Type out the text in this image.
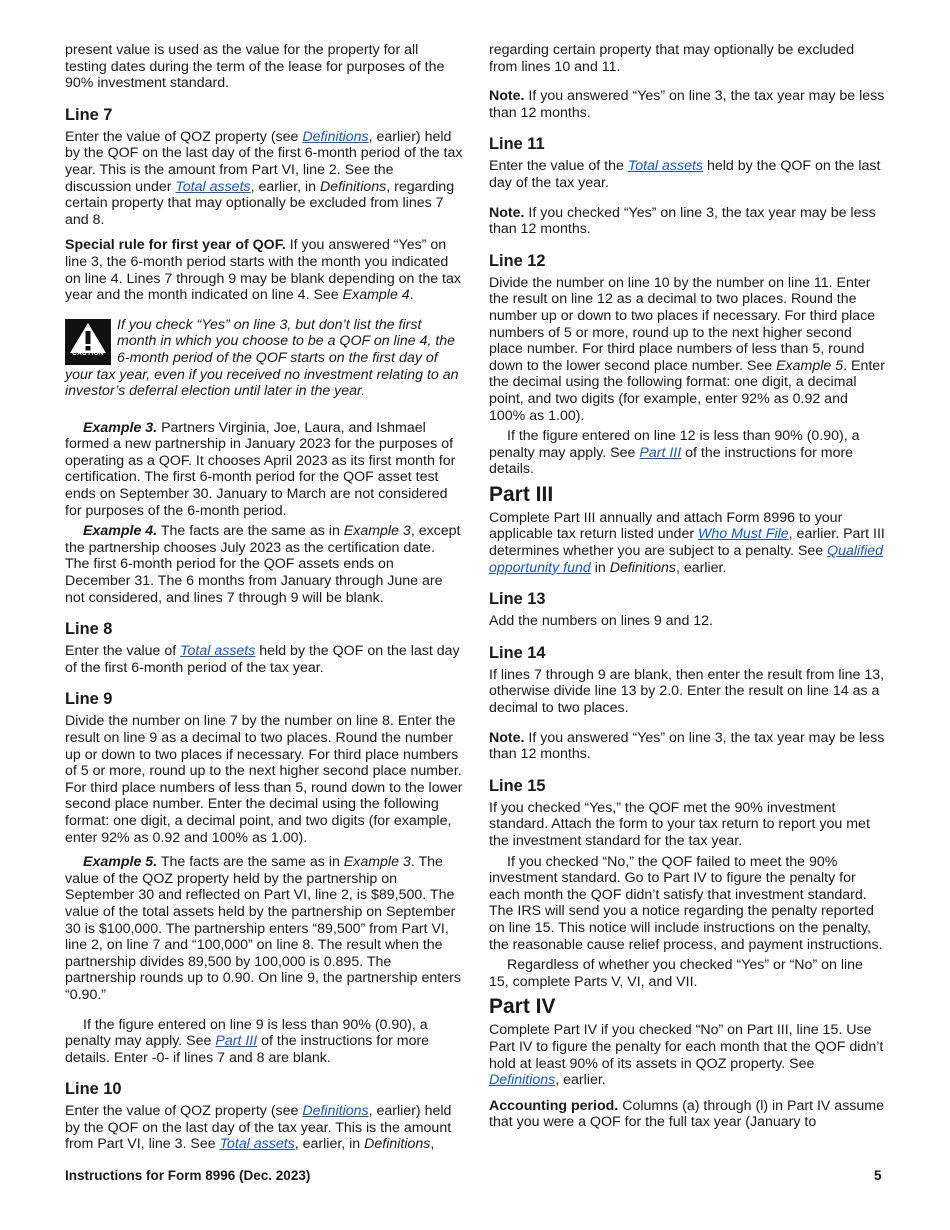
present value is used as the value for the property for all testing dates during the term of the lease for purposes of the 90% investment standard.

Line 7

Enter the value of QOZ property (see Definitions, earlier) held by the QOF on the last day of the first 6-month period of the tax year. This is the amount from Part VI, line 2. See the discussion under Total assets, earlier, in Definitions, regarding certain property that may optionally be excluded from lines 7 and 8.

Special rule for first year of QOF. If you answered “Yes” on line 3, the 6-month period starts with the month you indicated on line 4. Lines 7 through 9 may be blank depending on the tax year and the month indicated on line 4. See Example 4.

CAUTION
If you check “Yes” on line 3, but don’t list the first month in which you choose to be a QOF on line 4, the 6-month period of the QOF starts on the first day of your tax year, even if you received no investment relating to an investor’s deferral election until later in the year.

Example 3. Partners Virginia, Joe, Laura, and Ishmael formed a new partnership in January 2023 for the purposes of operating as a QOF. It chooses April 2023 as its first month for certification. The first 6-month period for the QOF asset test ends on September 30. January to March are not considered for purposes of the 6-month period.

Example 4. The facts are the same as in Example 3, except the partnership chooses July 2023 as the certification date. The first 6-month period for the QOF assets ends on December 31. The 6 months from January through June are not considered, and lines 7 through 9 will be blank.

Line 8

Enter the value of Total assets held by the QOF on the last day of the first 6-month period of the tax year.

Line 9

Divide the number on line 7 by the number on line 8. Enter the result on line 9 as a decimal to two places. Round the number up or down to two places if necessary. For third place numbers of 5 or more, round up to the next higher second place number. For third place numbers of less than 5, round down to the lower second place number. Enter the decimal using the following format: one digit, a decimal point, and two digits (for example, enter 92% as 0.92 and 100% as 1.00).

Example 5. The facts are the same as in Example 3. The value of the QOZ property held by the partnership on September 30 and reflected on Part VI, line 2, is $89,500. The value of the total assets held by the partnership on September 30 is $100,000. The partnership enters “89,500” from Part VI, line 2, on line 7 and “100,000” on line 8. The result when the partnership divides 89,500 by 100,000 is 0.895. The partnership rounds up to 0.90. On line 9, the partnership enters “0.90.”

If the figure entered on line 9 is less than 90% (0.90), a penalty may apply. See Part III of the instructions for more details. Enter -0- if lines 7 and 8 are blank.

Line 10

Enter the value of QOZ property (see Definitions, earlier) held by the QOF on the last day of the tax year. This is the amount from Part VI, line 3. See Total assets, earlier, in Definitions,

regarding certain property that may optionally be excluded from lines 10 and 11.

Note. If you answered “Yes” on line 3, the tax year may be less than 12 months.

Line 11

Enter the value of the Total assets held by the QOF on the last day of the tax year.

Note. If you checked “Yes” on line 3, the tax year may be less than 12 months.

Line 12

Divide the number on line 10 by the number on line 11. Enter the result on line 12 as a decimal to two places. Round the number up or down to two places if necessary. For third place numbers of 5 or more, round up to the next higher second place number. For third place numbers of less than 5, round down to the lower second place number. See Example 5. Enter the decimal using the following format: one digit, a decimal point, and two digits (for example, enter 92% as 0.92 and 100% as 1.00).

If the figure entered on line 12 is less than 90% (0.90), a penalty may apply. See Part III of the instructions for more details.

Part III

Complete Part III annually and attach Form 8996 to your applicable tax return listed under Who Must File, earlier. Part III determines whether you are subject to a penalty. See Qualified opportunity fund in Definitions, earlier.

Line 13

Add the numbers on lines 9 and 12.

Line 14

If lines 7 through 9 are blank, then enter the result from line 13, otherwise divide line 13 by 2.0. Enter the result on line 14 as a decimal to two places.

Note. If you answered “Yes” on line 3, the tax year may be less than 12 months.

Line 15

If you checked “Yes,” the QOF met the 90% investment standard. Attach the form to your tax return to report you met the investment standard for the tax year.

If you checked “No,” the QOF failed to meet the 90% investment standard. Go to Part IV to figure the penalty for each month the QOF didn’t satisfy that investment standard. The IRS will send you a notice regarding the penalty reported on line 15. This notice will include instructions on the penalty, the reasonable cause relief process, and payment instructions.

Regardless of whether you checked “Yes” or “No” on line 15, complete Parts V, VI, and VII.

Part IV

Complete Part IV if you checked “No” on Part III, line 15. Use Part IV to figure the penalty for each month that the QOF didn’t hold at least 90% of its assets in QOZ property. See Definitions, earlier.

Accounting period. Columns (a) through (l) in Part IV assume that you were a QOF for the full tax year (January to

Instructions for Form 8996 (Dec. 2023)	5
